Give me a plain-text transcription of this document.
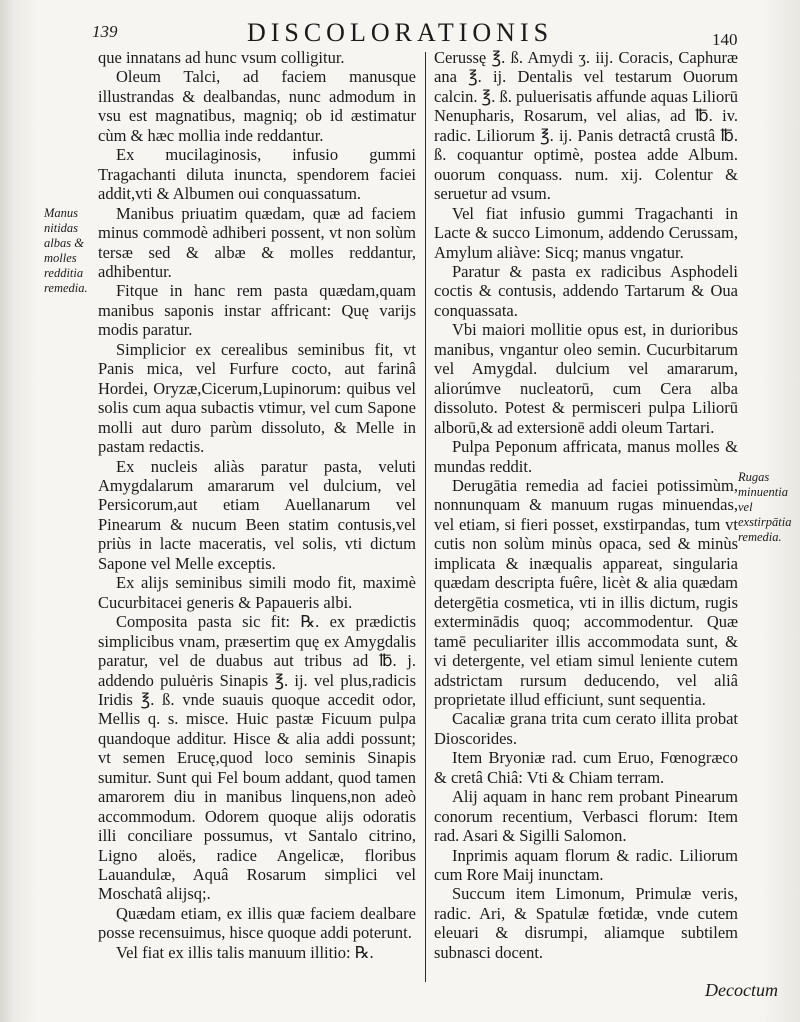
139	DISCOLORATIONIS	140
Manus nitidas albas & molles redditia remedia.

que innatans ad hunc vsum colligitur.

Oleum Talci, ad faciem manusque illustrandas & dealbandas, nunc admodum in vsu est magnatibus, magniq; ob id æstimatur cùm & hæc mollia inde reddantur.

Ex mucilaginosis, infusio gummi Tragachanti diluta inuncta, spendorem faciei addit,vti & Albumen oui conquassatum.

Manibus priuatim quædam, quæ ad faciem minus commodè adhiberi possent, vt non solùm tersæ sed & albæ & molles reddantur, adhibentur.

Fitque in hanc rem pasta quædam,quam manibus saponis instar affricant: Quę varijs modis paratur.

Simplicior ex cerealibus seminibus fit, vt Panis mica, vel Furfure cocto, aut farinâ Hordei, Oryzæ,Cicerum,Lupinorum: quibus vel solis cum aqua subactis vtimur, vel cum Sapone molli aut duro parùm dissoluto, & Melle in pastam redactis.

Ex nucleis aliàs paratur pasta, veluti Amygdalarum amararum vel dulcium, vel Persicorum,aut etiam Auellanarum vel Pinearum & nucum Been statim contusis,vel priùs in lacte maceratis, vel solis, vti dictum Sapone vel Melle exceptis.

Ex alijs seminibus simili modo fit, maximè Cucurbitacei generis & Papaueris albi.

Composita pasta sic fit: ℞. ex prædictis simplicibus vnam, præsertim quę ex Amygdalis paratur, vel de duabus aut tribus ad ℔. j. addendo puluėris Sinapis ℥. ij. vel plus,radicis Iridis ℥. ß. vnde suauis quoque accedit odor, Mellis q. s. misce. Huic pastæ Ficuum pulpa quandoque additur. Hisce & alia addi possunt; vt semen Erucę,quod loco seminis Sinapis sumitur. Sunt qui Fel boum addant, quod tamen amarorem diu in manibus linquens,non adeò accommodum. Odorem quoque alijs odoratis illi conciliare possumus, vt Santalo citrino, Ligno aloës, radice Angelicæ, floribus Lauandulæ, Aquâ Rosarum simplici vel Moschatâ alijsq;.

Quædam etiam, ex illis quæ faciem dealbare posse recensuimus, hisce quoque addi poterunt.

Vel fiat ex illis talis manuum illitio: ℞.

Cerussę ℥. ß. Amydi ʒ. iij. Coracis, Caphuræ ana ℥. ij. Dentalis vel testarum Ouorum calcin. ℥. ß. puluerisatis affunde aquas Liliorū Nenupharis, Rosarum, vel alias, ad ℔. iv. radic. Liliorum ℥. ij. Panis detractâ crustâ ℔. ß. coquantur optimè, postea adde Album. ouorum conquass. num. xij. Colentur & seruetur ad vsum.

Vel fiat infusio gummi Tragachanti in Lacte & succo Limonum, addendo Cerussam, Amylum aliàve: Sicq; manus vngatur.

Paratur & pasta ex radicibus Asphodeli coctis & contusis, addendo Tartarum & Oua conquassata.

Vbi maiori mollitie opus est, in durioribus manibus, vngantur oleo semin. Cucurbitarum vel Amygdal. dulcium vel amararum, aliorúmve nucleatorū, cum Cera alba dissoluto. Potest & permisceri pulpa Liliorū alborū,& ad extersionē addi oleum Tartari.

Pulpa Peponum affricata, manus molles & mundas reddit.

Derugātia remedia ad faciei potissimùm, nonnunquam & manuum rugas minuendas, vel etiam, si fieri posset, exstirpandas, tum vt cutis non solùm minùs opaca, sed & minùs implicata & inæqualis appareat, singularia quædam descripta fuêre, licèt & alia quædam detergētia cosmetica, vti in illis dictum, rugis exterminādis quoq; accommodentur. Quæ tamē peculiariter illis accommodata sunt, & vi detergente, vel etiam simul leniente cutem adstrictam rursum deducendo, vel aliâ proprietate illud efficiunt, sunt sequentia.

Cacaliæ grana trita cum cerato illita probat Dioscorides.

Item Bryoniæ rad. cum Eruo, Fœnogræco & cretâ Chiâ: Vti & Chiam terram.

Alij aquam in hanc rem probant Pinearum conorum recentium, Verbasci florum: Item rad. Asari & Sigilli Salomon.

Inprimis aquam florum & radic. Liliorum cum Rore Maij inunctam.

Succum item Limonum, Primulæ veris, radic. Ari, & Spatulæ fœtidæ, vnde cutem eleuari & disrumpi, aliamque subtilem subnasci docent.

Rugas minuentia vel exstirpātia remedia.
Decoctum
